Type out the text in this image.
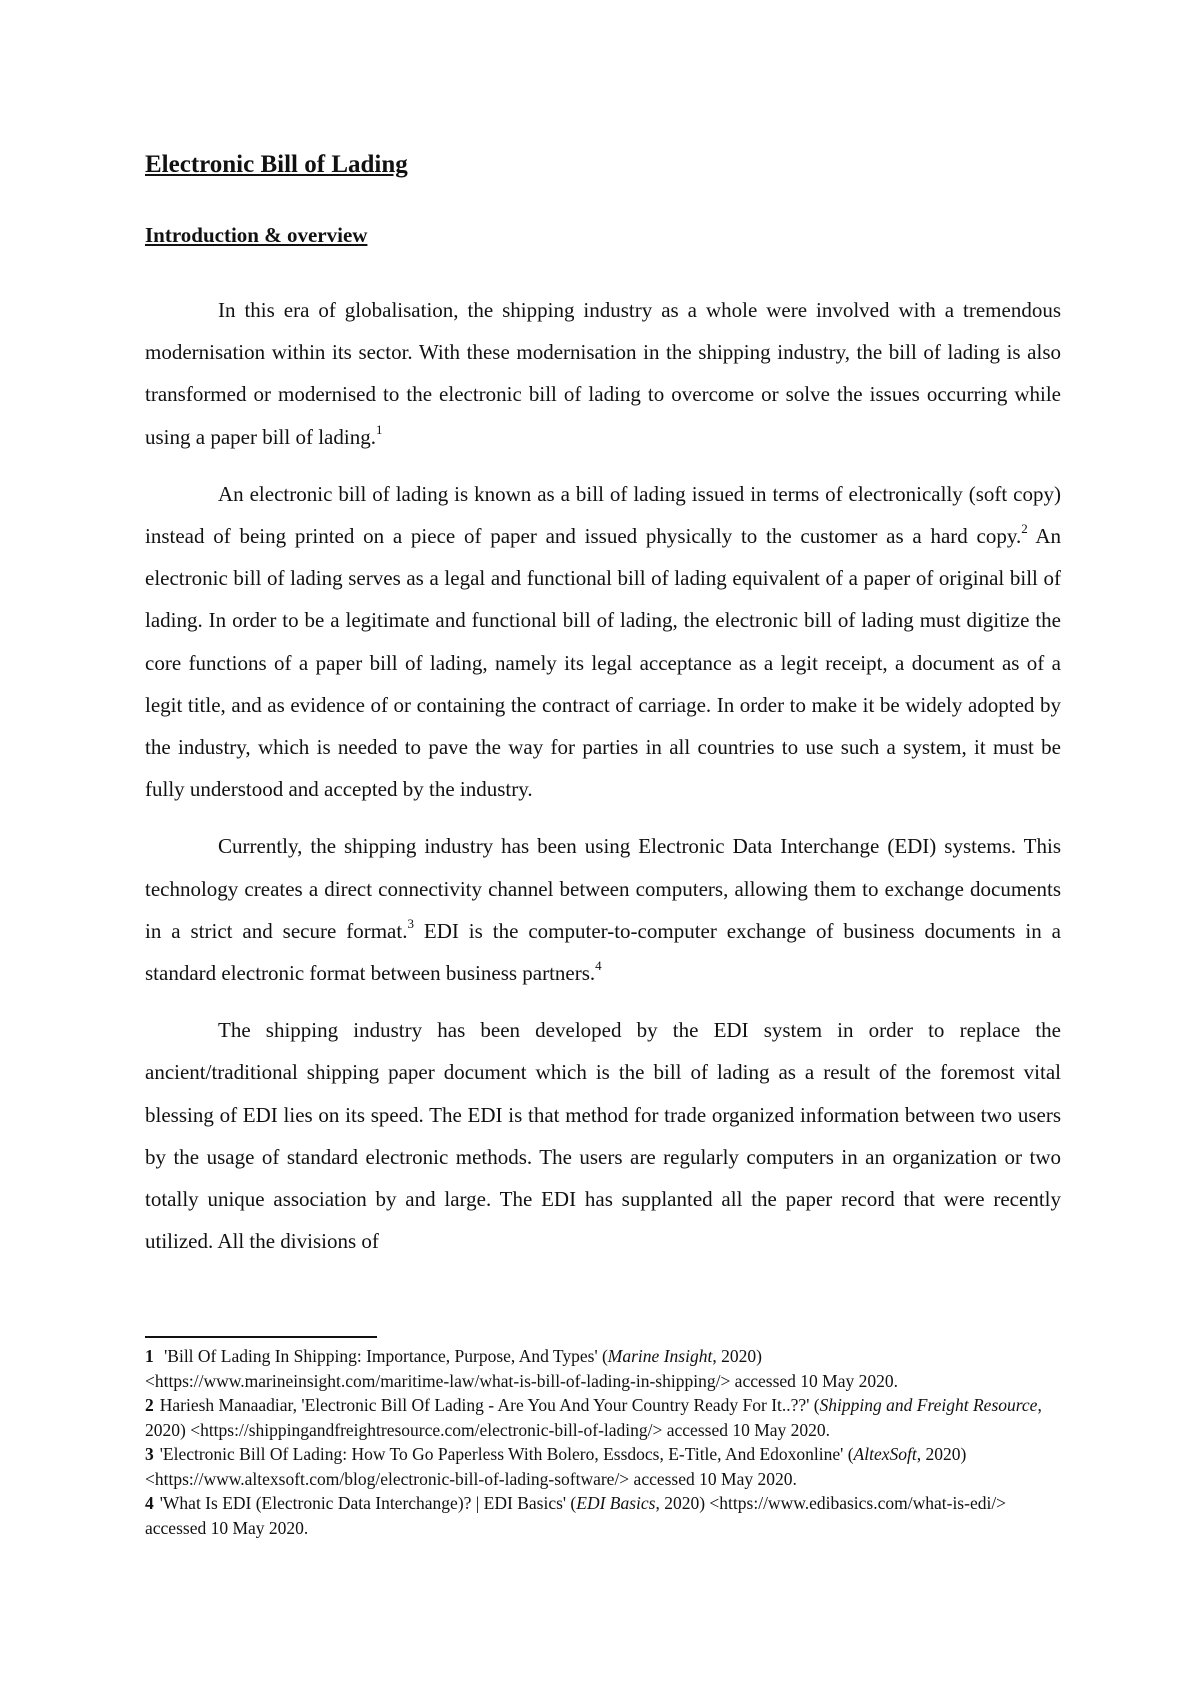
Electronic Bill of Lading
Introduction & overview

In this era of globalisation, the shipping industry as a whole were involved with a tremendous modernisation within its sector. With these modernisation in the shipping industry, the bill of lading is also transformed or modernised to the electronic bill of lading to overcome or solve the issues occurring while using a paper bill of lading.$^1$

An electronic bill of lading is known as a bill of lading issued in terms of electronically (soft copy) instead of being printed on a piece of paper and issued physically to the customer as a hard copy.$^2$ An electronic bill of lading serves as a legal and functional bill of lading equivalent of a paper of original bill of lading. In order to be a legitimate and functional bill of lading, the electronic bill of lading must digitize the core functions of a paper bill of lading, namely its legal acceptance as a legit receipt, a document as of a legit title, and as evidence of or containing the contract of carriage. In order to make it be widely adopted by the industry, which is needed to pave the way for parties in all countries to use such a system, it must be fully understood and accepted by the industry.

Currently, the shipping industry has been using Electronic Data Interchange (EDI) systems. This technology creates a direct connectivity channel between computers, allowing them to exchange documents in a strict and secure format.$^3$ EDI is the computer-to-computer exchange of business documents in a standard electronic format between business partners.$^4$

The shipping industry has been developed by the EDI system in order to replace the ancient/traditional shipping paper document which is the bill of lading as a result of the foremost vital blessing of EDI lies on its speed. The EDI is that method for trade organized information between two users by the usage of standard electronic methods. The users are regularly computers in an organization or two totally unique association by and large. The EDI has supplanted all the paper record that were recently utilized. All the divisions of

1 'Bill Of Lading In Shipping: Importance, Purpose, And Types' (Marine Insight, 2020) <https://www.marineinsight.com/maritime-law/what-is-bill-of-lading-in-shipping/> accessed 10 May 2020.

2 Hariesh Manaadiar, 'Electronic Bill Of Lading - Are You And Your Country Ready For It..??' (Shipping and Freight Resource, 2020) <https://shippingandfreightresource.com/electronic-bill-of-lading/> accessed 10 May 2020.

3 'Electronic Bill Of Lading: How To Go Paperless With Bolero, Essdocs, E-Title, And Edoxonline' (AltexSoft, 2020) <https://www.altexsoft.com/blog/electronic-bill-of-lading-software/> accessed 10 May 2020.

4 'What Is EDI (Electronic Data Interchange)? | EDI Basics' (EDI Basics, 2020) <https://www.edibasics.com/what-is-edi/> accessed 10 May 2020.
